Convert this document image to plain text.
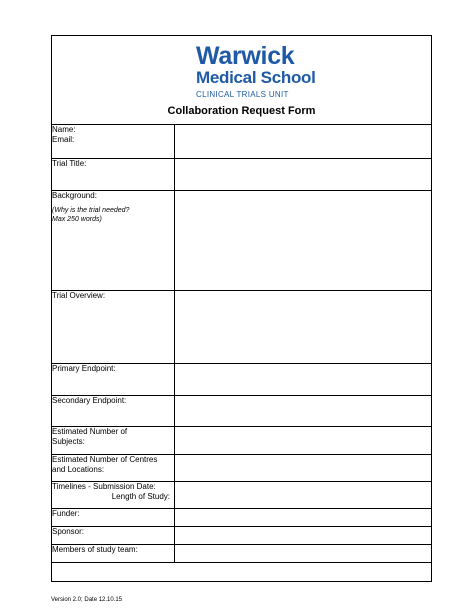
Warwick
Medical School
CLINICAL TRIALS UNIT
Collaboration Request Form
Name:
Email:	
Trial Title:	
Background:
(Why is the trial needed?
Max 250 words)	

Trial Overview:	
Primary Endpoint:	
Secondary Endpoint:	
Estimated Number of
Subjects:	
Estimated Number of Centres
and Locations:	
Timelines - Submission Date:
Length of Study:	

Funder:	
Sponsor:	
Members of study team:	
Version 2.0; Date 12.10.15
